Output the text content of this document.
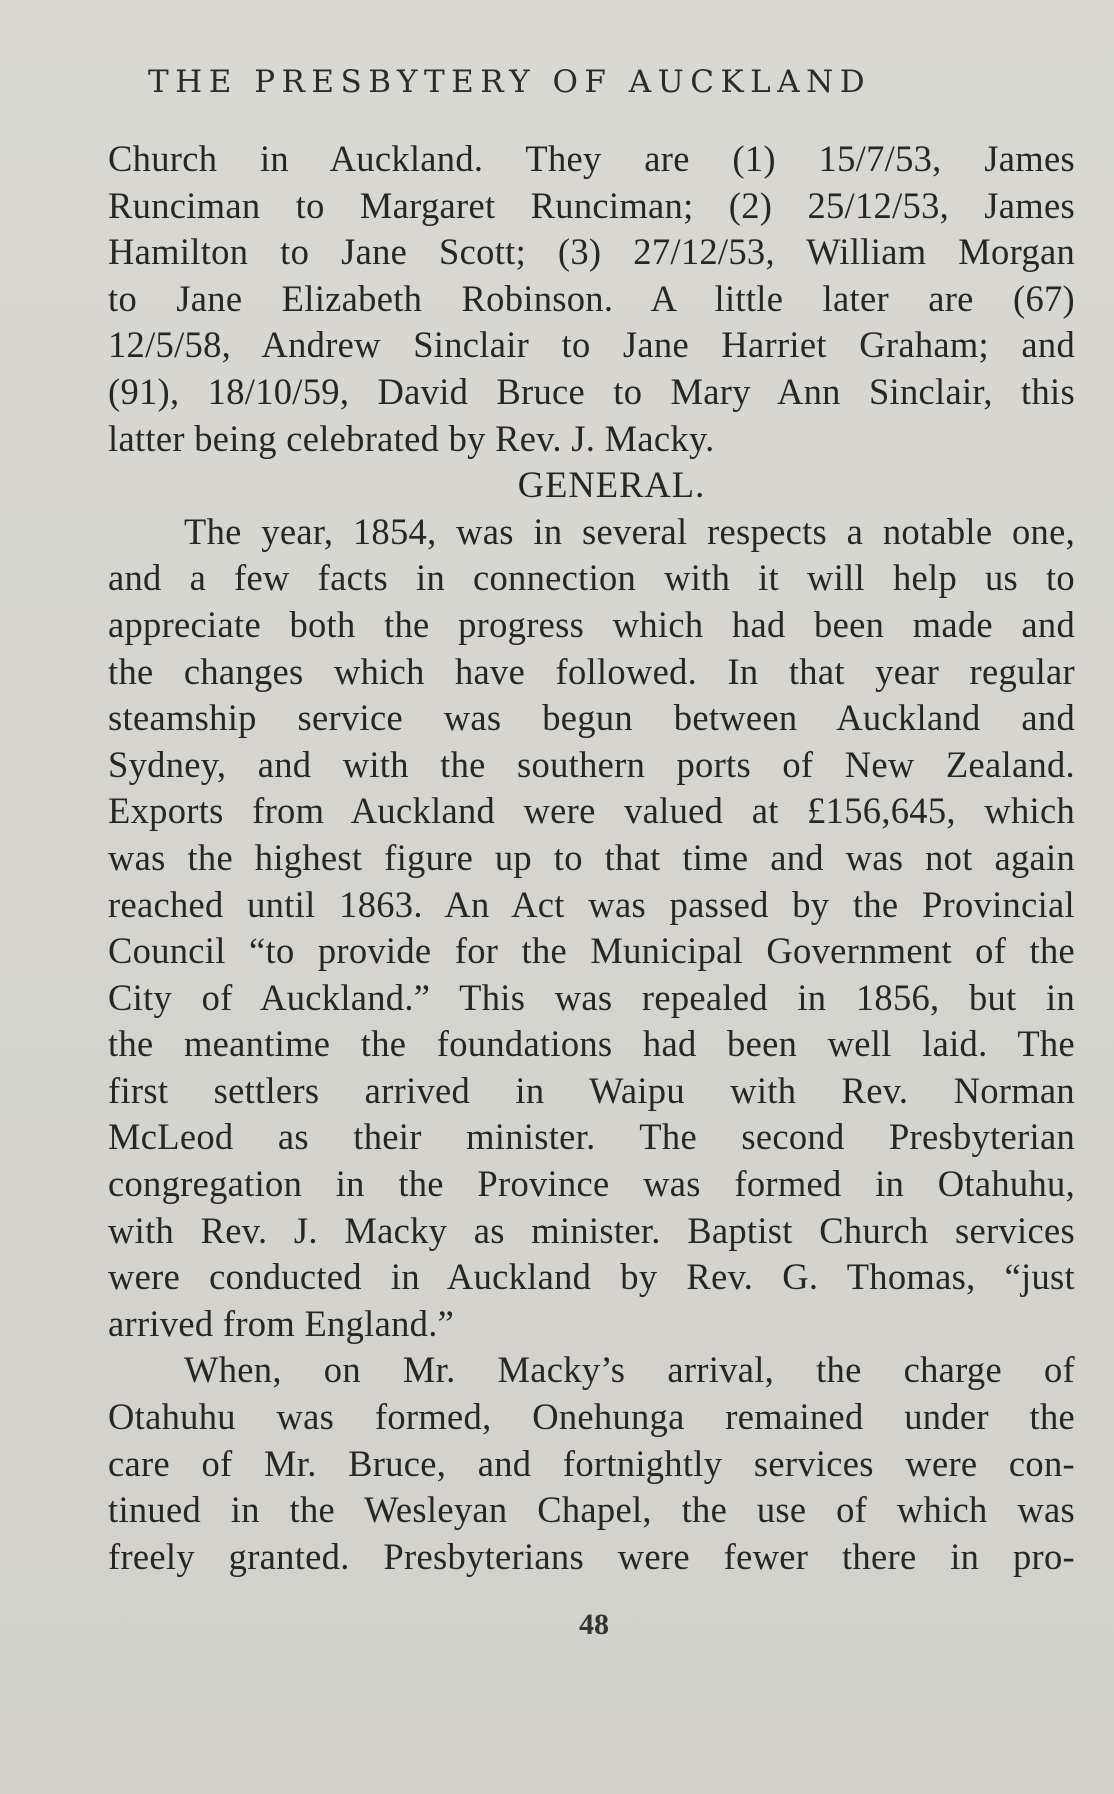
THE PRESBYTERY OF AUCKLAND
Church in Auckland. They are (1) 15/7/53, James
Runciman to Margaret Runciman; (2) 25/12/53, James
Hamilton to Jane Scott; (3) 27/12/53, William Morgan
to Jane Elizabeth Robinson. A little later are (67)
12/5/58, Andrew Sinclair to Jane Harriet Graham; and
(91), 18/10/59, David Bruce to Mary Ann Sinclair, this
latter being celebrated by Rev. J. Macky.
GENERAL.
The year, 1854, was in several respects a notable one,
and a few facts in connection with it will help us to
appreciate both the progress which had been made and
the changes which have followed. In that year regular
steamship service was begun between Auckland and
Sydney, and with the southern ports of New Zealand.
Exports from Auckland were valued at £156,645, which
was the highest figure up to that time and was not again
reached until 1863. An Act was passed by the Provincial
Council “to provide for the Municipal Government of the
City of Auckland.” This was repealed in 1856, but in
the meantime the foundations had been well laid. The
first settlers arrived in Waipu with Rev. Norman
McLeod as their minister. The second Presbyterian
congregation in the Province was formed in Otahuhu,
with Rev. J. Macky as minister. Baptist Church services
were conducted in Auckland by Rev. G. Thomas, “just
arrived from England.”
When, on Mr. Macky’s arrival, the charge of
Otahuhu was formed, Onehunga remained under the
care of Mr. Bruce, and fortnightly services were con-
tinued in the Wesleyan Chapel, the use of which was
freely granted. Presbyterians were fewer there in pro-
48
